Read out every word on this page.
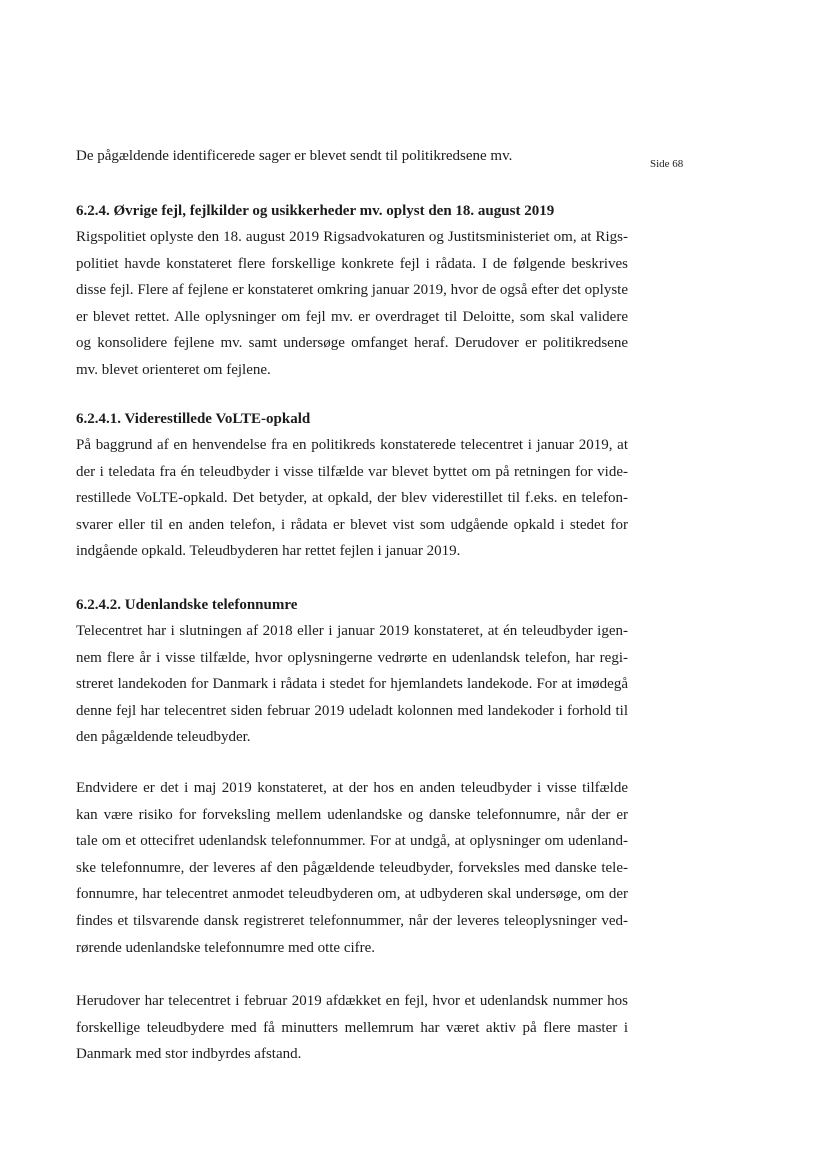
Side 68
De pågældende identificerede sager er blevet sendt til politikredsene mv.
6.2.4. Øvrige fejl, fejlkilder og usikkerheder mv. oplyst den 18. august 2019
Rigspolitiet oplyste den 18. august 2019 Rigsadvokaturen og Justitsministeriet om, at Rigs-
politiet havde konstateret flere forskellige konkrete fejl i rådata. I de følgende beskrives
disse fejl. Flere af fejlene er konstateret omkring januar 2019, hvor de også efter det oplyste
er blevet rettet. Alle oplysninger om fejl mv. er overdraget til Deloitte, som skal validere
og konsolidere fejlene mv. samt undersøge omfanget heraf. Derudover er politikredsene
mv. blevet orienteret om fejlene.
6.2.4.1. Viderestillede VoLTE-opkald
På baggrund af en henvendelse fra en politikreds konstaterede telecentret i januar 2019, at
der i teledata fra én teleudbyder i visse tilfælde var blevet byttet om på retningen for vide-
restillede VoLTE-opkald. Det betyder, at opkald, der blev viderestillet til f.eks. en telefon-
svarer eller til en anden telefon, i rådata er blevet vist som udgående opkald i stedet for
indgående opkald. Teleudbyderen har rettet fejlen i januar 2019.
6.2.4.2. Udenlandske telefonnumre
Telecentret har i slutningen af 2018 eller i januar 2019 konstateret, at én teleudbyder igen-
nem flere år i visse tilfælde, hvor oplysningerne vedrørte en udenlandsk telefon, har regi-
streret landekoden for Danmark i rådata i stedet for hjemlandets landekode. For at imødegå
denne fejl har telecentret siden februar 2019 udeladt kolonnen med landekoder i forhold til
den pågældende teleudbyder.
Endvidere er det i maj 2019 konstateret, at der hos en anden teleudbyder i visse tilfælde
kan være risiko for forveksling mellem udenlandske og danske telefonnumre, når der er
tale om et ottecifret udenlandsk telefonnummer. For at undgå, at oplysninger om udenland-
ske telefonnumre, der leveres af den pågældende teleudbyder, forveksles med danske tele-
fonnumre, har telecentret anmodet teleudbyderen om, at udbyderen skal undersøge, om der
findes et tilsvarende dansk registreret telefonnummer, når der leveres teleoplysninger ved-
rørende udenlandske telefonnumre med otte cifre.
Herudover har telecentret i februar 2019 afdækket en fejl, hvor et udenlandsk nummer hos
forskellige teleudbydere med få minutters mellemrum har været aktiv på flere master i
Danmark med stor indbyrdes afstand.
